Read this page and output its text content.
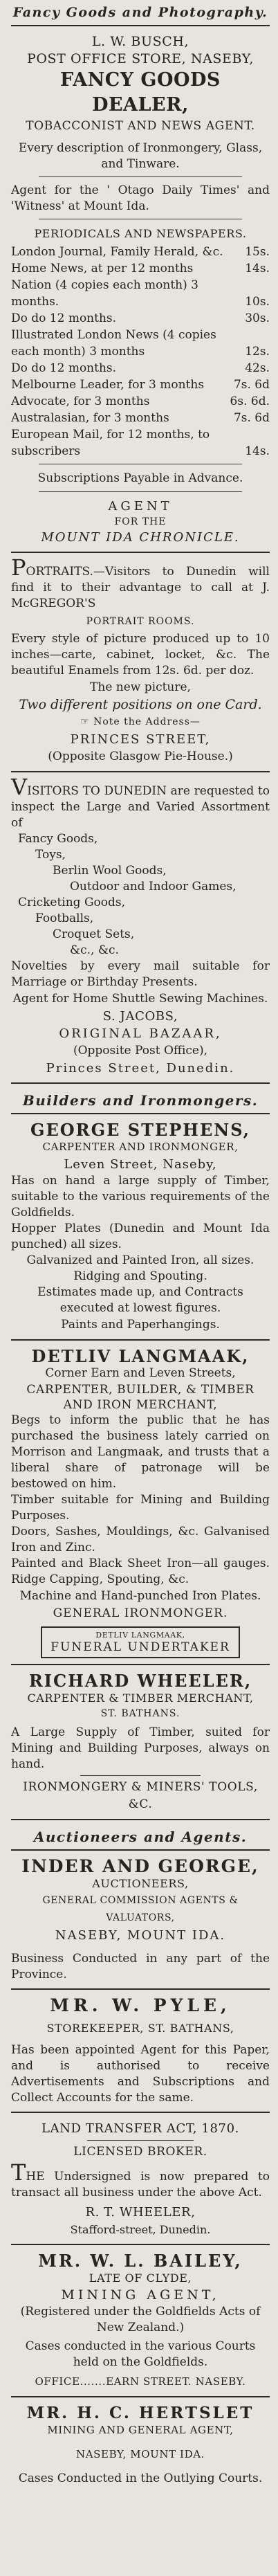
Fancy Goods and Photography.
L. W. BUSCH,
POST OFFICE STORE, NASEBY,
FANCY GOODS DEALER,
TOBACCONIST AND NEWS AGENT.
Every description of Ironmongery, Glass, and Tinware.
Agent for the ' Otago Daily Times' and 'Witness' at Mount Ida.
PERIODICALS AND NEWSPAPERS.
London Journal, Family Herald, &c.	15s.
Home News, at per 12 months	14s.
Nation (4 copies each month) 3 months.	10s.
Do do 12 months.	30s.
Illustrated London News (4 copies each month) 3 months	12s.
Do do 12 months.	42s.
Melbourne Leader, for 3 months	7s. 6d
Advocate, for 3 months	6s. 6d.
Australasian, for 3 months	7s. 6d
European Mail, for 12 months, to subscribers	14s.
Subscriptions Payable in Advance.
AGENT
FOR THE
MOUNT IDA CHRONICLE.
PORTRAITS.—Visitors to Dunedin will find it to their advantage to call at J. McGREGOR'S
PORTRAIT ROOMS.
Every style of picture produced up to 10 inches—carte, cabinet, locket, &c. The beautiful Enamels from 12s. 6d. per doz.
The new picture,
Two different positions on one Card.
☞ Note the Address—
PRINCES STREET,
(Opposite Glasgow Pie-House.)
VISITORS TO DUNEDIN are requested to inspect the Large and Varied Assortment of
Fancy Goods,
Toys,
Berlin Wool Goods,
Outdoor and Indoor Games,
Cricketing Goods,
Footballs,
Croquet Sets,
&c., &c.
Novelties by every mail suitable for Marriage or Birthday Presents.
Agent for Home Shuttle Sewing Machines.
S. JACOBS,
ORIGINAL BAZAAR,
(Opposite Post Office),
Princes Street, Dunedin.
Builders and Ironmongers.
GEORGE STEPHENS,
CARPENTER AND IRONMONGER,
Leven Street, Naseby,
Has on hand a large supply of Timber, suitable to the various requirements of the Goldfields.
Hopper Plates (Dunedin and Mount Ida punched) all sizes.
Galvanized and Painted Iron, all sizes. Ridging and Spouting.
Estimates made up, and Contracts executed at lowest figures.
Paints and Paperhangings.
DETLIV LANGMAAK,
Corner Earn and Leven Streets,
CARPENTER, BUILDER, & TIMBER AND IRON MERCHANT,
Begs to inform the public that he has purchased the business lately carried on Morrison and Langmaak, and trusts that a liberal share of patronage will be bestowed on him.
Timber suitable for Mining and Building Purposes.
Doors, Sashes, Mouldings, &c. Galvanised Iron and Zinc.
Painted and Black Sheet Iron—all gauges. Ridge Capping, Spouting, &c.
Machine and Hand-punched Iron Plates.
GENERAL IRONMONGER.
DETLIV LANGMAAK,
FUNERAL UNDERTAKER
RICHARD WHEELER,
CARPENTER & TIMBER MERCHANT,
ST. BATHANS.
A Large Supply of Timber, suited for Mining and Building Purposes, always on hand.
IRONMONGERY & MINERS' TOOLS, &C.
Auctioneers and Agents.
INDER AND GEORGE,
AUCTIONEERS,
GENERAL COMMISSION AGENTS & VALUATORS,
NASEBY, MOUNT IDA.
Business Conducted in any part of the Province.
MR. W. PYLE,
STOREKEEPER, ST. BATHANS,
Has been appointed Agent for this Paper, and is authorised to receive Advertisements and Subscriptions and Collect Accounts for the same.
LAND TRANSFER ACT, 1870.
LICENSED BROKER.
THE Undersigned is now prepared to transact all business under the above Act.
R. T. WHEELER,
Stafford-street, Dunedin.
MR. W. L. BAILEY,
LATE OF CLYDE,
MINING AGENT,
(Registered under the Goldfields Acts of New Zealand.)
Cases conducted in the various Courts held on the Goldfields.
OFFICE.......EARN STREET. NASEBY.
MR. H. C. HERTSLET
MINING AND GENERAL AGENT,
NASEBY, MOUNT IDA.
Cases Conducted in the Outlying Courts.
